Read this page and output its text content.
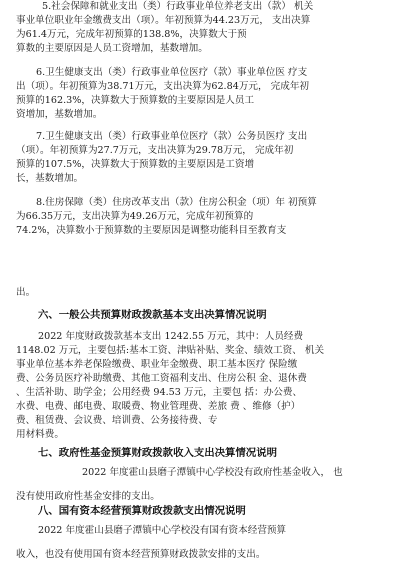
5.社会保障和就业支出（类）行政事业单位养老支出（款） 机关
事业单位职业年金缴费支出（项）。年初预算为44.23万元， 支出决算
为61.4万元，完成年初预算的138.8%，决算数大于预
算数的主要原因是人员工资增加，基数增加。
6.卫生健康支出（类）行政事业单位医疗（款）事业单位医 疗支
出（项）。年初预算为38.71万元，支出决算为62.84万元， 完成年初
预算的162.3%，决算数大于预算数的主要原因是人员工
资增加，基数增加。
7.卫生健康支出（类）行政事业单位医疗（款）公务员医疗 支出
（项）。年初预算为27.7万元，支出决算为29.78万元， 完成年初
预算的107.5%，决算数大于预算数的主要原因是工资增
长，基数增加。
8.住房保障（类）住房改革支出（款）住房公积金（项）年 初预算
为66.35万元，支出决算为49.26万元，完成年初预算的
74.2%，决算数小于预算数的主要原因是调整功能科目至教育支
出。
六、一般公共预算财政拨款基本支出决算情况说明
2022 年度财政拨款基本支出 1242.55 万元，其中：人员经费
1148.02 万元，主要包括:基本工资、津贴补贴、奖金、绩效工资、 机关
事业单位基本养老保险缴费、职业年金缴费、职工基本医疗 保险缴
费、公务员医疗补助缴费、其他工资福利支出、住房公积 金、退休费
、生活补助、助学金；公用经费 94.53 万元，主要包 括：办公费、
水费、电费、邮电费、取暖费、物业管理费、差旅 费 、维修（护）
费、租赁费、会议费、培训费、公务接待费、专
用材料费。
七、政府性基金预算财政拨款收入支出决算情况说明
2022 年度霍山县磨子潭镇中心学校没有政府性基金收入， 也
没有使用政府性基金安排的支出。
八、国有资本经营预算财政拨款支出情况说明
2022 年度霍山县磨子潭镇中心学校没有国有资本经营预算
收入，也没有使用国有资本经营预算财政拨款安排的支出。
